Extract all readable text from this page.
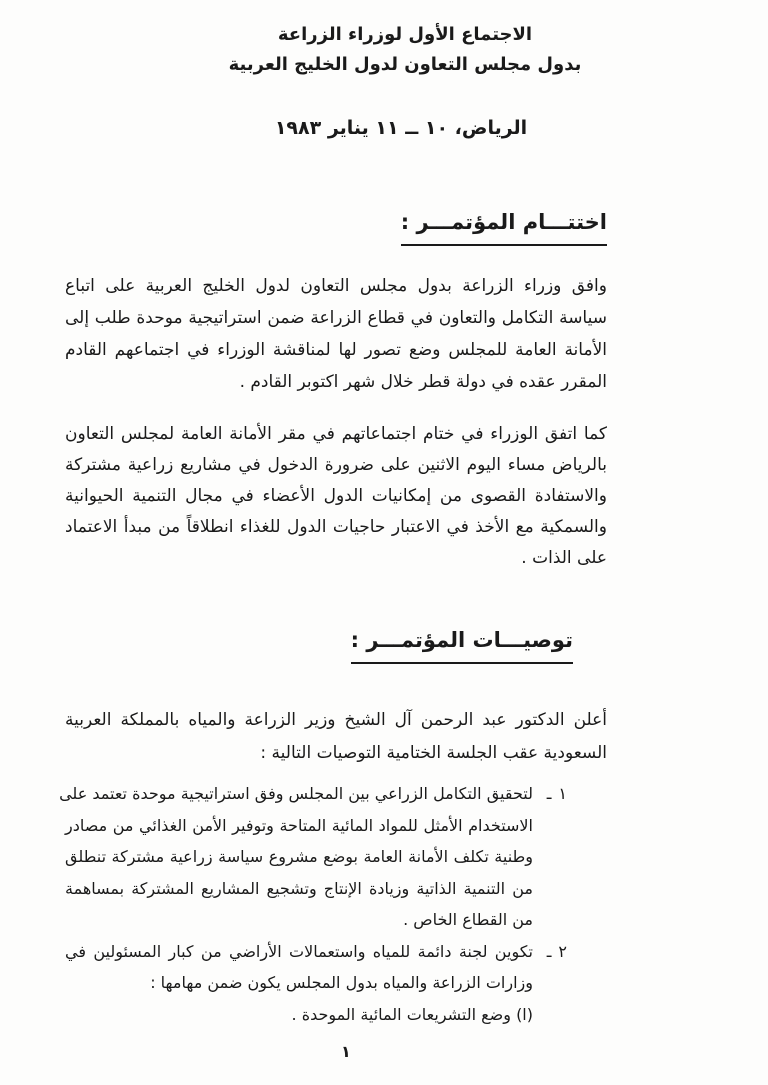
الاجتماع الأول لوزراء الزراعة
بدول مجلس التعاون لدول الخليج العربية
الرياض، ١٠ ــ ١١ يناير ١٩٨٣
اختتـــام المؤتمـــر :
وافق وزراء الزراعة بدول مجلس التعاون لدول الخليج العربية على اتباع
سياسة التكامل والتعاون في قطاع الزراعة ضمن استراتيجية موحدة طلب إلى
الأمانة العامة للمجلس وضع تصور لها لمناقشة الوزراء في اجتماعهم القادم
المقرر عقده في دولة قطر خلال شهر اكتوبر القادم .
كما اتفق الوزراء في ختام اجتماعاتهم في مقر الأمانة العامة لمجلس التعاون
بالرياض مساء اليوم الاثنين على ضرورة الدخول في مشاريع زراعية مشتركة
والاستفادة القصوى من إمكانيات الدول الأعضاء في مجال التنمية الحيوانية
والسمكية مع الأخذ في الاعتبار حاجيات الدول للغذاء انطلاقاً من مبدأ الاعتماد
على الذات .
توصيـــات المؤتمـــر :
أعلن الدكتور عبد الرحمن آل الشيخ وزير الزراعة والمياه بالمملكة العربية
السعودية عقب الجلسة الختامية التوصيات التالية :
١ـ
لتحقيق التكامل الزراعي بين المجلس وفق استراتيجية موحدة تعتمد على
الاستخدام الأمثل للمواد المائية المتاحة وتوفير الأمن الغذائي من مصادر
وطنية تكلف الأمانة العامة بوضع مشروع سياسة زراعية مشتركة تنطلق
من التنمية الذاتية وزيادة الإنتاج وتشجيع المشاريع المشتركة بمساهمة
من القطاع الخاص .
٢ـ
تكوين لجنة دائمة للمياه واستعمالات الأراضي من كبار المسئولين في
وزارات الزراعة والمياه بدول المجلس يكون ضمن مهامها :
(ا) وضع التشريعات المائية الموحدة .
١
